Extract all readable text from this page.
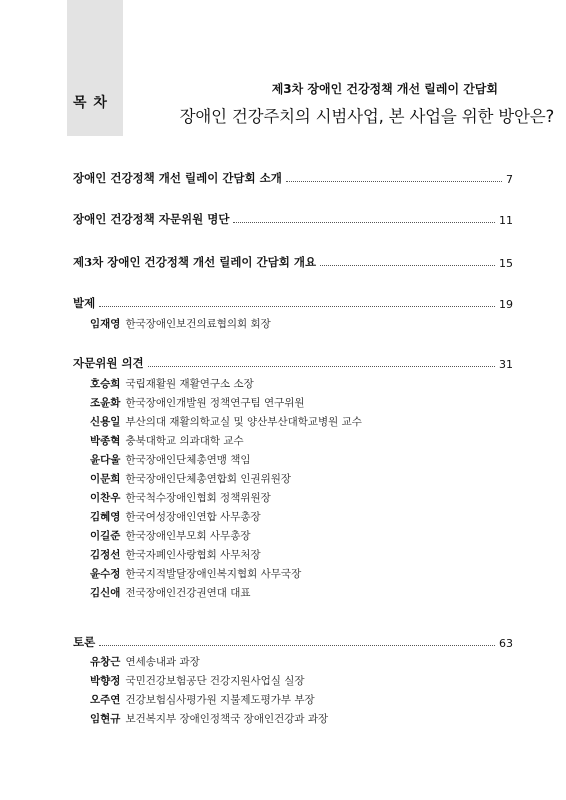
목 차
제3차 장애인 건강정책 개선 릴레이 간담회
장애인 건강주치의 시범사업, 본 사업을 위한 방안은?
장애인 건강정책 개선 릴레이 간담회 소개	7
장애인 건강정책 자문위원 명단	11
제3차 장애인 건강정책 개선 릴레이 간담회 개요	15
발제	19
임재영 한국장애인보건의료협의회 회장
자문위원 의견	31
호승희 국립재활원 재활연구소 소장
조윤화 한국장애인개발원 정책연구팀 연구위원
신용일 부산의대 재활의학교실 및 양산부산대학교병원 교수
박종혁 충북대학교 의과대학 교수
윤다울 한국장애인단체총연맹 책임
이문희 한국장애인단체총연합회 인권위원장
이찬우 한국척수장애인협회 정책위원장
김혜영 한국여성장애인연합 사무총장
이길준 한국장애인부모회 사무총장
김정선 한국자폐인사랑협회 사무처장
윤수정 한국지적발달장애인복지협회 사무국장
김신애 전국장애인건강권연대 대표
토론	63
유창근 연세송내과 과장
박향정 국민건강보험공단 건강지원사업실 실장
오주연 건강보험심사평가원 지불제도평가부 부장
임현규 보건복지부 장애인정책국 장애인건강과 과장
